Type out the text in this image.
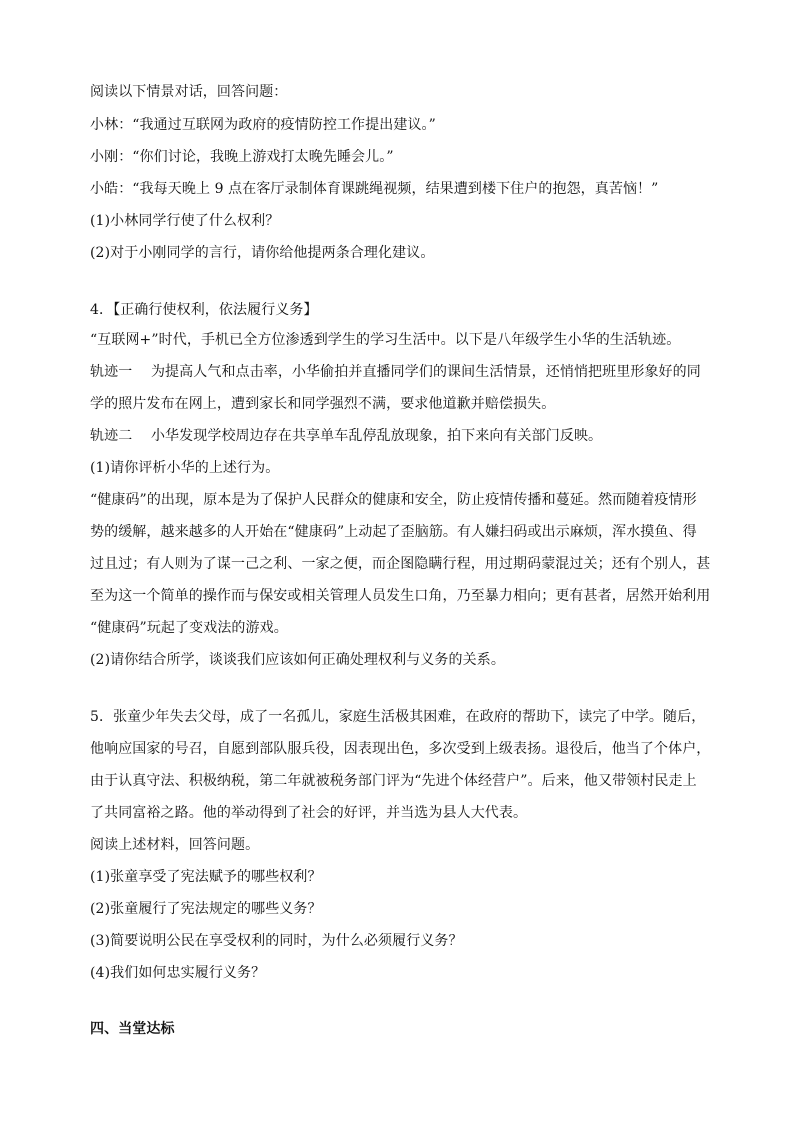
阅读以下情景对话，回答问题：
小林：“我通过互联网为政府的疫情防控工作提出建议。”
小刚：“你们讨论，我晚上游戏打太晚先睡会儿。”
小皓：“我每天晚上 9 点在客厅录制体育课跳绳视频，结果遭到楼下住户的抱怨，真苦恼！”
(1)小林同学行使了什么权利？
(2)对于小刚同学的言行，请你给他提两条合理化建议。
4．【正确行使权利，依法履行义务】
“互联网+”时代，手机已全方位渗透到学生的学习生活中。以下是八年级学生小华的生活轨迹。
轨迹一　 为提高人气和点击率，小华偷拍并直播同学们的课间生活情景，还悄悄把班里形象好的同
学的照片发布在网上，遭到家长和同学强烈不满，要求他道歉并赔偿损失。
轨迹二　 小华发现学校周边存在共享单车乱停乱放现象，拍下来向有关部门反映。
(1)请你评析小华的上述行为。
“健康码”的出现，原本是为了保护人民群众的健康和安全，防止疫情传播和蔓延。然而随着疫情形
势的缓解，越来越多的人开始在“健康码”上动起了歪脑筋。有人嫌扫码或出示麻烦，浑水摸鱼、得
过且过；有人则为了谋一己之利、一家之便，而企图隐瞒行程，用过期码蒙混过关；还有个别人，甚
至为这一个简单的操作而与保安或相关管理人员发生口角，乃至暴力相向；更有甚者，居然开始利用
“健康码”玩起了变戏法的游戏。
(2)请你结合所学，谈谈我们应该如何正确处理权利与义务的关系。
5．张童少年失去父母，成了一名孤儿，家庭生活极其困难，在政府的帮助下，读完了中学。随后，
他响应国家的号召，自愿到部队服兵役，因表现出色，多次受到上级表扬。退役后，他当了个体户，
由于认真守法、积极纳税，第二年就被税务部门评为“先进个体经营户”。后来，他又带领村民走上
了共同富裕之路。他的举动得到了社会的好评，并当选为县人大代表。
阅读上述材料，回答问题。
(1)张童享受了宪法赋予的哪些权利？
(2)张童履行了宪法规定的哪些义务？
(3)简要说明公民在享受权利的同时，为什么必须履行义务？
(4)我们如何忠实履行义务？
四、当堂达标
